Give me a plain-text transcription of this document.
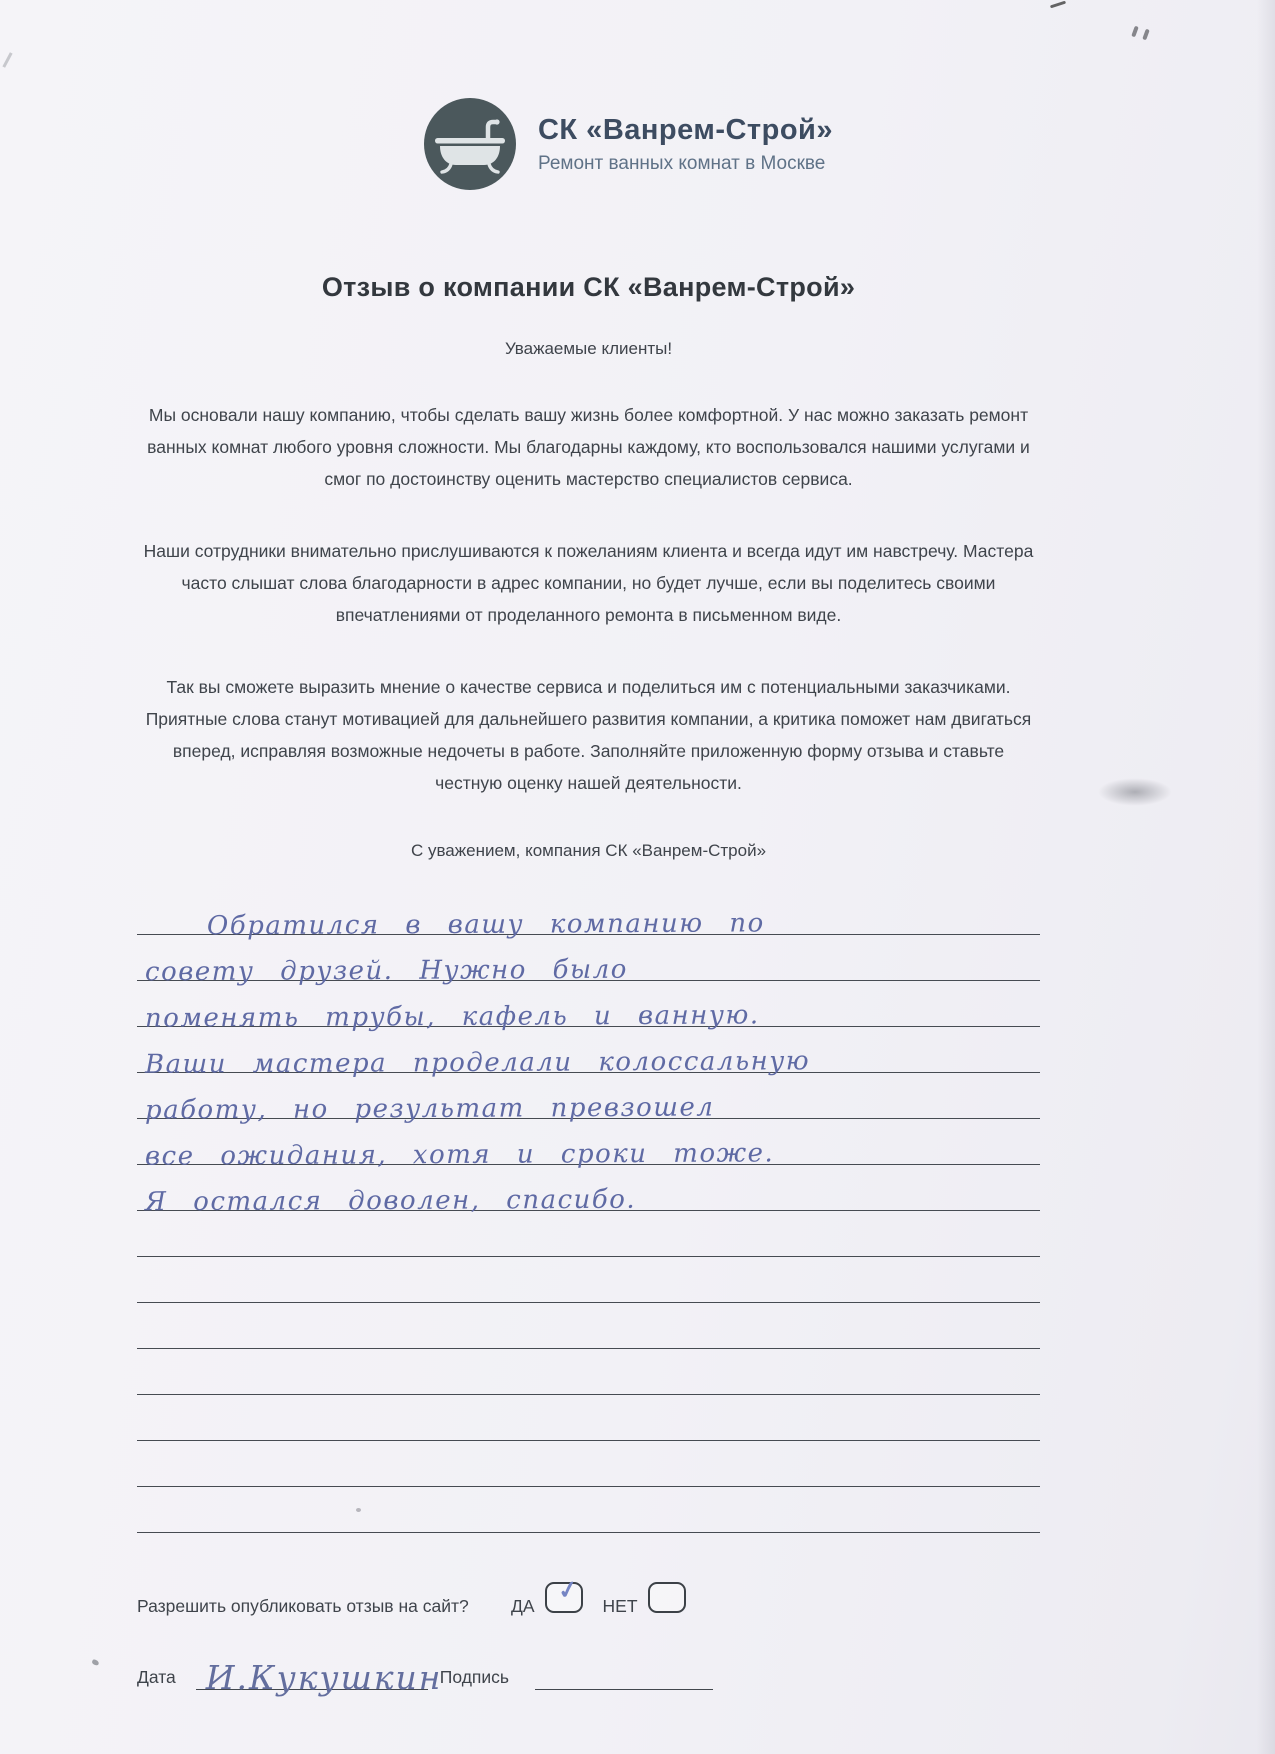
СК «Ванрем-Строй»
Ремонт ванных комнат в Москве
Отзыв о компании СК «Ванрем-Строй»
Уважаемые клиенты!

Мы основали нашу компанию, чтобы сделать вашу жизнь более комфортной. У нас можно заказать ремонт ванных комнат любого уровня сложности. Мы благодарны каждому, кто воспользовался нашими услугами и смог по достоинству оценить мастерство специалистов сервиса.

Наши сотрудники внимательно прислушиваются к пожеланиям клиента и всегда идут им навстречу. Мастера часто слышат слова благодарности в адрес компании, но будет лучше, если вы поделитесь своими впечатлениями от проделанного ремонта в письменном виде.

Так вы сможете выразить мнение о качестве сервиса и поделиться им с потенциальными заказчиками. Приятные слова станут мотивацией для дальнейшего развития компании, а критика поможет нам двигаться вперед, исправляя возможные недочеты в работе. Заполняйте приложенную форму отзыва и ставьте честную оценку нашей деятельности.

С уважением, компания СК «Ванрем-Строй»
Обратился в вашу компанию по
совету друзей. Нужно было
поменять трубы, кафель и ванную.
Ваши мастера проделали колоссальную
работу, но результат превзошел
все ожидания, хотя и сроки тоже.
Я остался доволен, спасибо.
Разрешить опубликовать отзыв на сайт?	ДА
✓
НЕТ
Дата И.Кукушкин
Подпись
